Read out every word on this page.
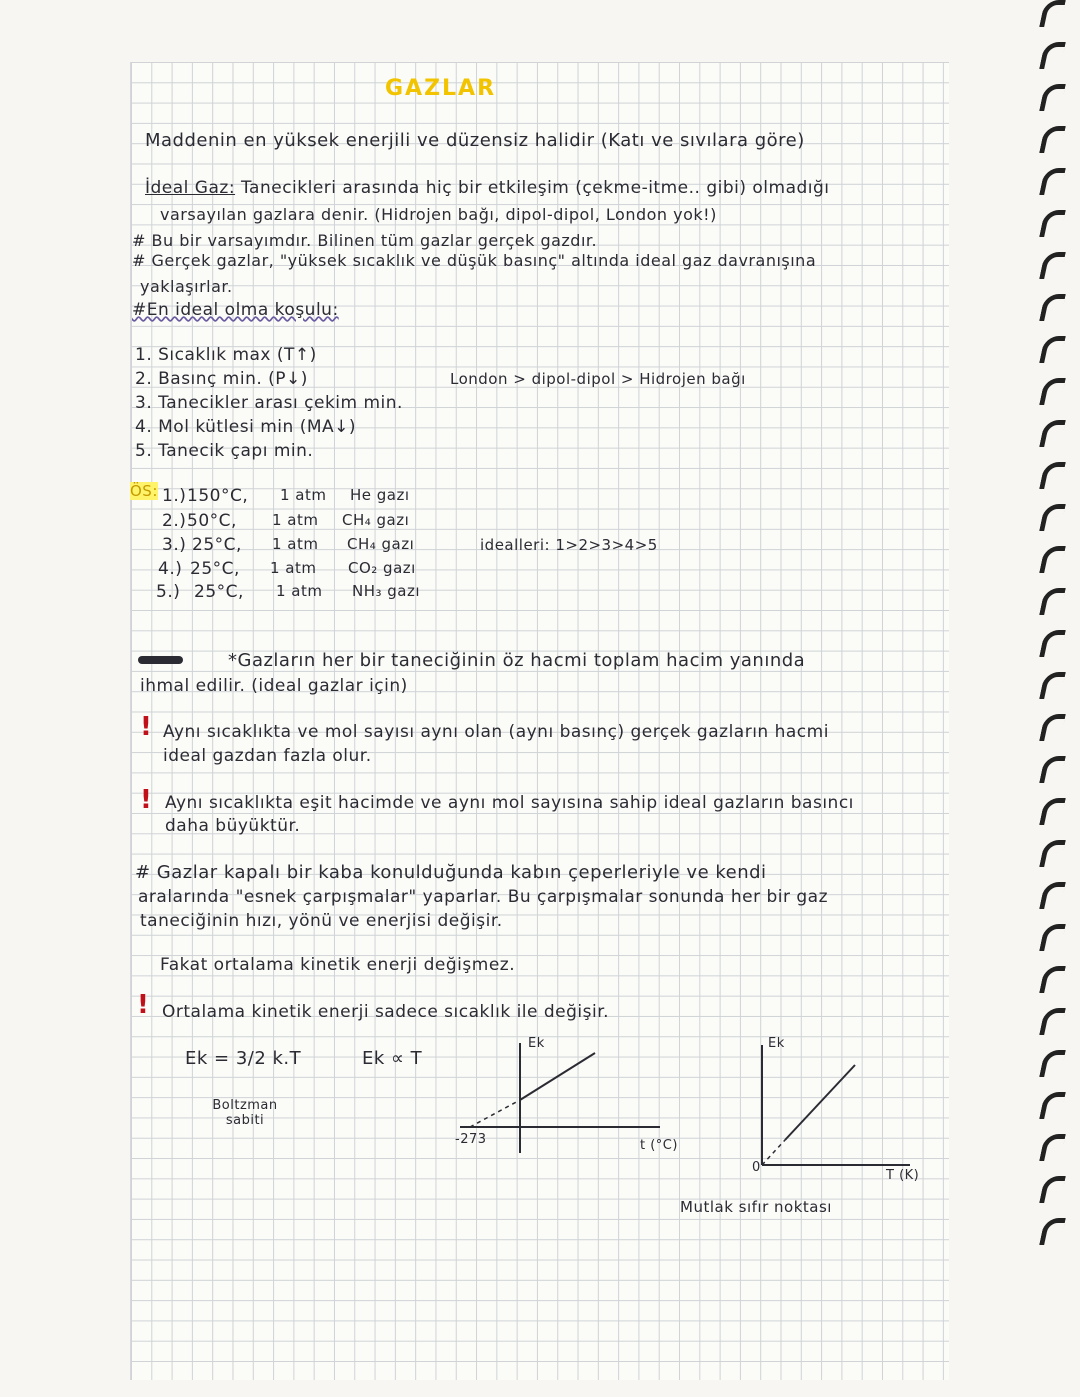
GAZLAR
Maddenin en yüksek enerjili ve düzensiz halidir (Katı ve sıvılara göre)
İdeal Gaz: Tanecikleri arasında hiç bir etkileşim (çekme-itme.. gibi) olmadığı
varsayılan gazlara denir. (Hidrojen bağı, dipol-dipol, London yok!)
# Bu bir varsayımdır. Bilinen tüm gazlar gerçek gazdır.
# Gerçek gazlar, "yüksek sıcaklık ve düşük basınç" altında ideal gaz davranışına
yaklaşırlar.
#En ideal olma koşulu:
1. Sıcaklık max (T↑)
2. Basınç min. (P↓)
3. Tanecikler arası çekim min.
4. Mol kütlesi min (MA↓)
5. Tanecik çapı min.
London > dipol-dipol > Hidrojen bağı
ÖS: 1.) 150°C, 1 atm He gazı
2.) 50°C, 1 atm CH₄ gazı
3.) 25°C, 1 atm CH₄ gazı
4.) 25°C, 1 atm CO₂ gazı
5.) 25°C, 1 atm NH₃ gazı
idealleri: 1>2>3>4>5
*Gazların her bir taneciğinin öz hacmi toplam hacim yanında
ihmal edilir. (ideal gazlar için)
! Aynı sıcaklıkta ve mol sayısı aynı olan (aynı basınç) gerçek gazların hacmi
ideal gazdan fazla olur.
! Aynı sıcaklıkta eşit hacimde ve aynı mol sayısına sahip ideal gazların basıncı
daha büyüktür.
# Gazlar kapalı bir kaba konulduğunda kabın çeperleriyle ve kendi
aralarında "esnek çarpışmalar" yaparlar. Bu çarpışmalar sonunda her bir gaz
taneciğinin hızı, yönü ve enerjisi değişir.
Fakat ortalama kinetik enerji değişmez.
! Ortalama kinetik enerji sadece sıcaklık ile değişir.
Ek = 3/2 k.T	Ek ∝ T
Boltzman sabiti
Ek
t (°C)
-273
Ek
T (K)
0
Mutlak sıfır noktası
